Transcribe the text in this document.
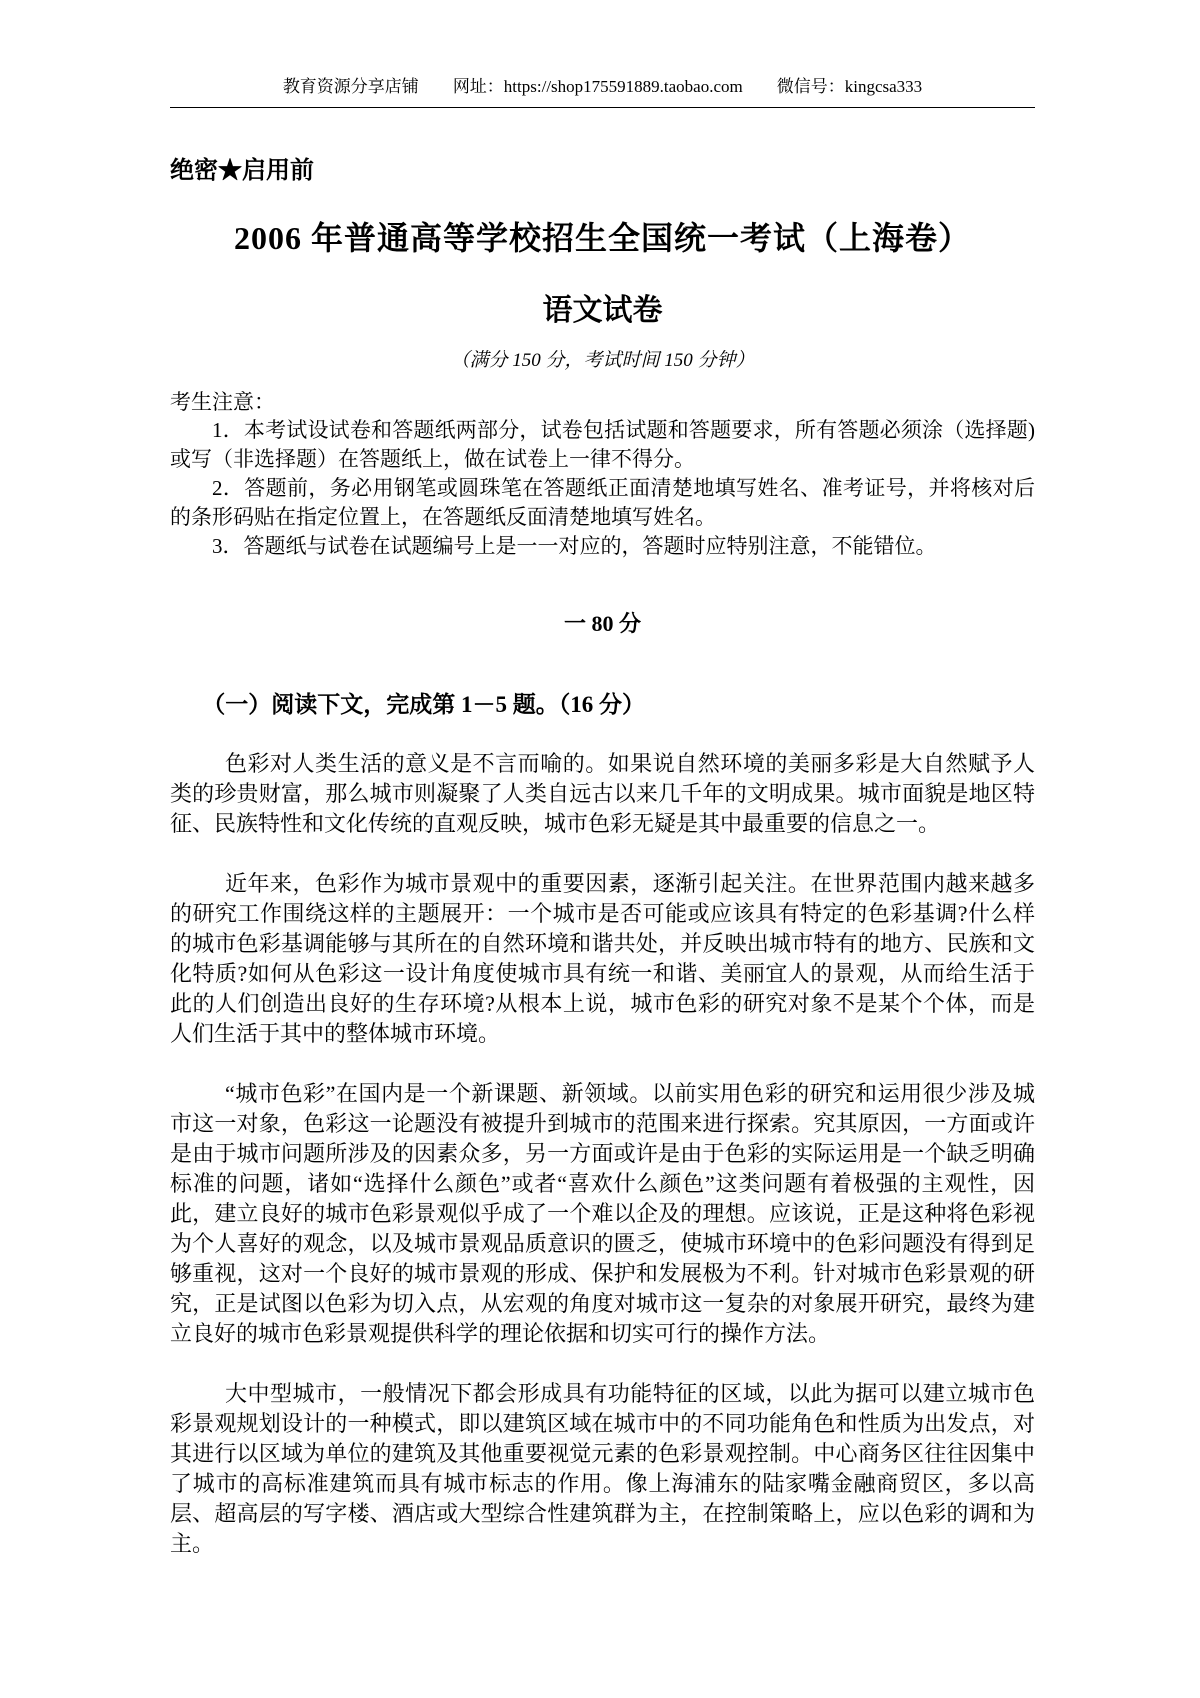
教育资源分享店铺 网址：https://shop175591889.taobao.com 微信号：kingcsa333
绝密★启用前
2006 年普通高等学校招生全国统一考试（上海卷）
语文试卷
（满分 150 分，考试时间 150 分钟）
考生注意：
1．本考试设试卷和答题纸两部分，试卷包括试题和答题要求，所有答题必须涂（选择题)或写（非选择题）在答题纸上，做在试卷上一律不得分。
2．答题前，务必用钢笔或圆珠笔在答题纸正面清楚地填写姓名、准考证号，并将核对后的条形码贴在指定位置上，在答题纸反面清楚地填写姓名。
3．答题纸与试卷在试题编号上是一一对应的，答题时应特别注意，不能错位。
一 80 分
（一）阅读下文，完成第 1－5 题。（16 分）

色彩对人类生活的意义是不言而喻的。如果说自然环境的美丽多彩是大自然赋予人类的珍贵财富，那么城市则凝聚了人类自远古以来几千年的文明成果。城市面貌是地区特征、民族特性和文化传统的直观反映，城市色彩无疑是其中最重要的信息之一。

近年来，色彩作为城市景观中的重要因素，逐渐引起关注。在世界范围内越来越多的研究工作围绕这样的主题展开：一个城市是否可能或应该具有特定的色彩基调?什么样的城市色彩基调能够与其所在的自然环境和谐共处，并反映出城市特有的地方、民族和文化特质?如何从色彩这一设计角度使城市具有统一和谐、美丽宜人的景观，从而给生活于此的人们创造出良好的生存环境?从根本上说，城市色彩的研究对象不是某个个体，而是人们生活于其中的整体城市环境。

“城市色彩”在国内是一个新课题、新领域。以前实用色彩的研究和运用很少涉及城市这一对象，色彩这一论题没有被提升到城市的范围来进行探索。究其原因，一方面或许是由于城市问题所涉及的因素众多，另一方面或许是由于色彩的实际运用是一个缺乏明确标准的问题，诸如“选择什么颜色”或者“喜欢什么颜色”这类问题有着极强的主观性，因此，建立良好的城市色彩景观似乎成了一个难以企及的理想。应该说，正是这种将色彩视为个人喜好的观念，以及城市景观品质意识的匮乏，使城市环境中的色彩问题没有得到足够重视，这对一个良好的城市景观的形成、保护和发展极为不利。针对城市色彩景观的研究，正是试图以色彩为切入点，从宏观的角度对城市这一复杂的对象展开研究，最终为建立良好的城市色彩景观提供科学的理论依据和切实可行的操作方法。

大中型城市，一般情况下都会形成具有功能特征的区域，以此为据可以建立城市色彩景观规划设计的一种模式，即以建筑区域在城市中的不同功能角色和性质为出发点，对其进行以区域为单位的建筑及其他重要视觉元素的色彩景观控制。中心商务区往往因集中了城市的高标准建筑而具有城市标志的作用。像上海浦东的陆家嘴金融商贸区，多以高层、超高层的写字楼、酒店或大型综合性建筑群为主，在控制策略上，应以色彩的调和为主。
